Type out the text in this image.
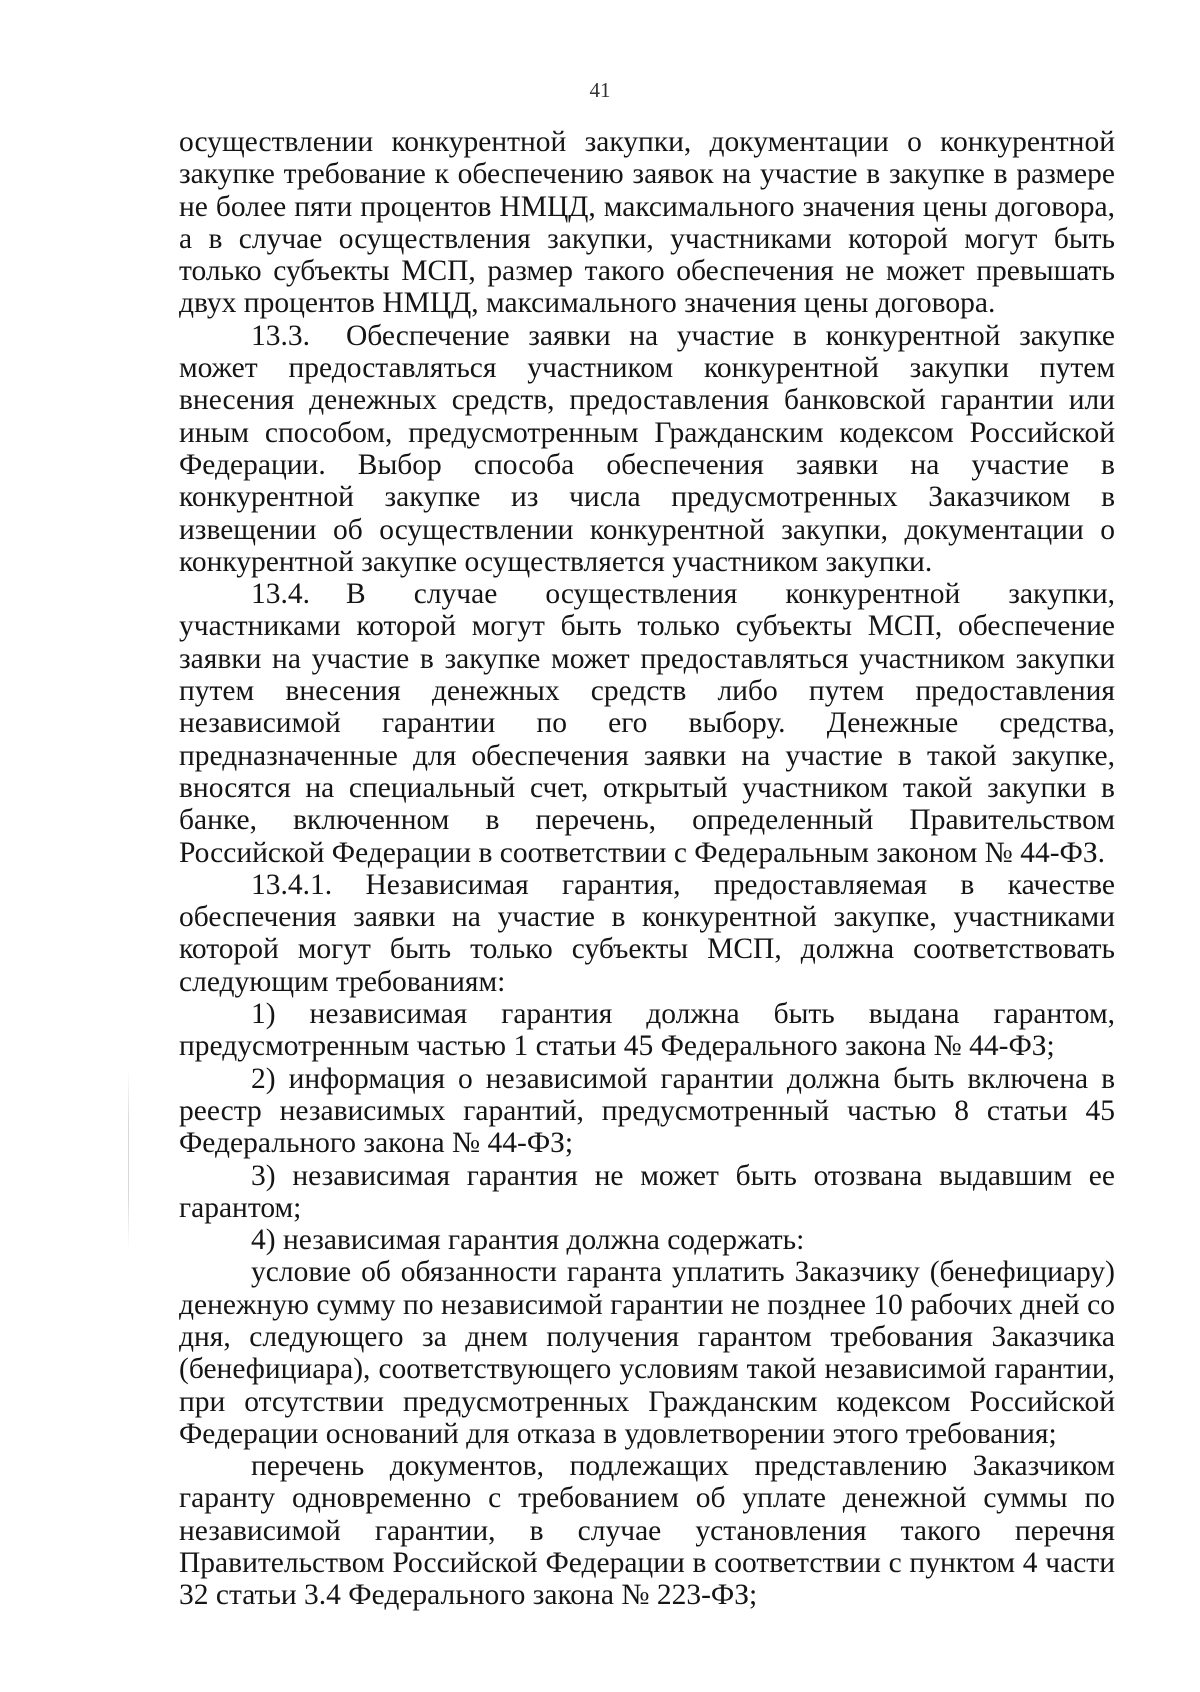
41

осуществлении конкурентной закупки, документации о конкурентной закупке требование к обеспечению заявок на участие в закупке в размере не более пяти процентов НМЦД, максимального значения цены договора, а в случае осуществления закупки, участниками которой могут быть только субъекты МСП, размер такого обеспечения не может превышать двух процентов НМЦД, максимального значения цены договора.

13.3. Обеспечение заявки на участие в конкурентной закупке может предоставляться участником конкурентной закупки путем внесения денежных средств, предоставления банковской гарантии или иным способом, предусмотренным Гражданским кодексом Российской Федерации. Выбор способа обеспечения заявки на участие в конкурентной закупке из числа предусмотренных Заказчиком в извещении об осуществлении конкурентной закупки, документации о конкурентной закупке осуществляется участником закупки.

13.4. В случае осуществления конкурентной закупки, участниками которой могут быть только субъекты МСП, обеспечение заявки на участие в закупке может предоставляться участником закупки путем внесения денежных средств либо путем предоставления независимой гарантии по его выбору. Денежные средства, предназначенные для обеспечения заявки на участие в такой закупке, вносятся на специальный счет, открытый участником такой закупки в банке, включенном в перечень, определенный Правительством Российской Федерации в соответствии с Федеральным законом № 44-ФЗ.

13.4.1. Независимая гарантия, предоставляемая в качестве обеспечения заявки на участие в конкурентной закупке, участниками которой могут быть только субъекты МСП, должна соответствовать следующим требованиям:

1) независимая гарантия должна быть выдана гарантом, предусмотренным частью 1 статьи 45 Федерального закона № 44-ФЗ;

2) информация о независимой гарантии должна быть включена в реестр независимых гарантий, предусмотренный частью 8 статьи 45 Федерального закона № 44-ФЗ;

3) независимая гарантия не может быть отозвана выдавшим ее гарантом;

4) независимая гарантия должна содержать:

условие об обязанности гаранта уплатить Заказчику (бенефициару) денежную сумму по независимой гарантии не позднее 10 рабочих дней со дня, следующего за днем получения гарантом требования Заказчика (бенефициара), соответствующего условиям такой независимой гарантии, при отсутствии предусмотренных Гражданским кодексом Российской Федерации оснований для отказа в удовлетворении этого требования;

перечень документов, подлежащих представлению Заказчиком гаранту одновременно с требованием об уплате денежной суммы по независимой гарантии, в случае установления такого перечня Правительством Российской Федерации в соответствии с пунктом 4 части 32 статьи 3.4 Федерального закона № 223-ФЗ;
